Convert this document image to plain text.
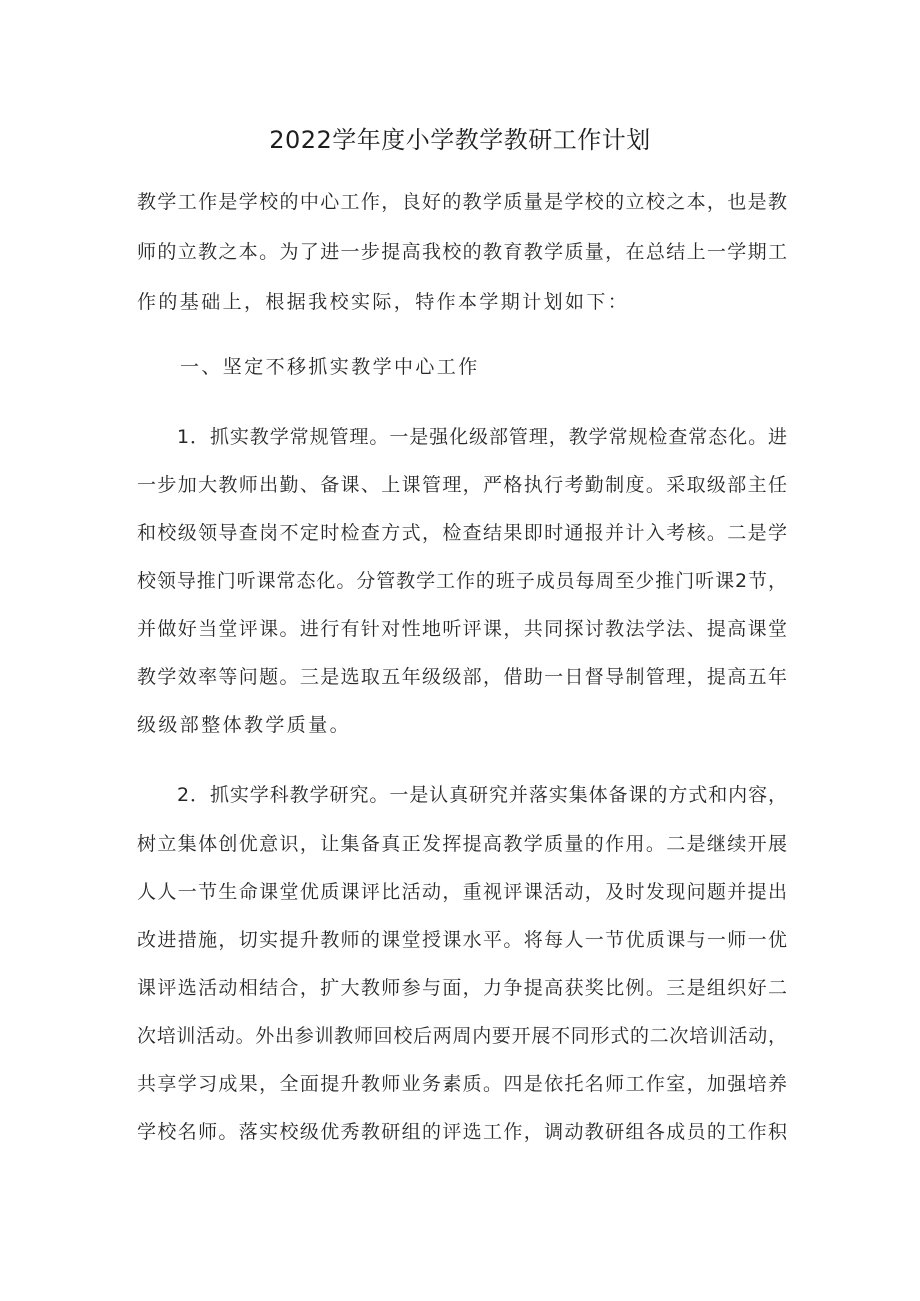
2022学年度小学教学教研工作计划
教学工作是学校的中心工作，良好的教学质量是学校的立校之本，也是教
师的立教之本。为了进一步提高我校的教育教学质量，在总结上一学期工
作的基础上，根据我校实际，特作本学期计划如下：
一、坚定不移抓实教学中心工作
1．抓实教学常规管理。一是强化级部管理，教学常规检查常态化。进
一步加大教师出勤、备课、上课管理，严格执行考勤制度。采取级部主任
和校级领导查岗不定时检查方式，检查结果即时通报并计入考核。二是学
校领导推门听课常态化。分管教学工作的班子成员每周至少推门听课2节，
并做好当堂评课。进行有针对性地听评课，共同探讨教法学法、提高课堂
教学效率等问题。三是选取五年级级部，借助一日督导制管理，提高五年
级级部整体教学质量。
2．抓实学科教学研究。一是认真研究并落实集体备课的方式和内容，
树立集体创优意识，让集备真正发挥提高教学质量的作用。二是继续开展
人人一节生命课堂优质课评比活动，重视评课活动，及时发现问题并提出
改进措施，切实提升教师的课堂授课水平。将每人一节优质课与一师一优
课评选活动相结合，扩大教师参与面，力争提高获奖比例。三是组织好二
次培训活动。外出参训教师回校后两周内要开展不同形式的二次培训活动，
共享学习成果，全面提升教师业务素质。四是依托名师工作室，加强培养
学校名师。落实校级优秀教研组的评选工作，调动教研组各成员的工作积
